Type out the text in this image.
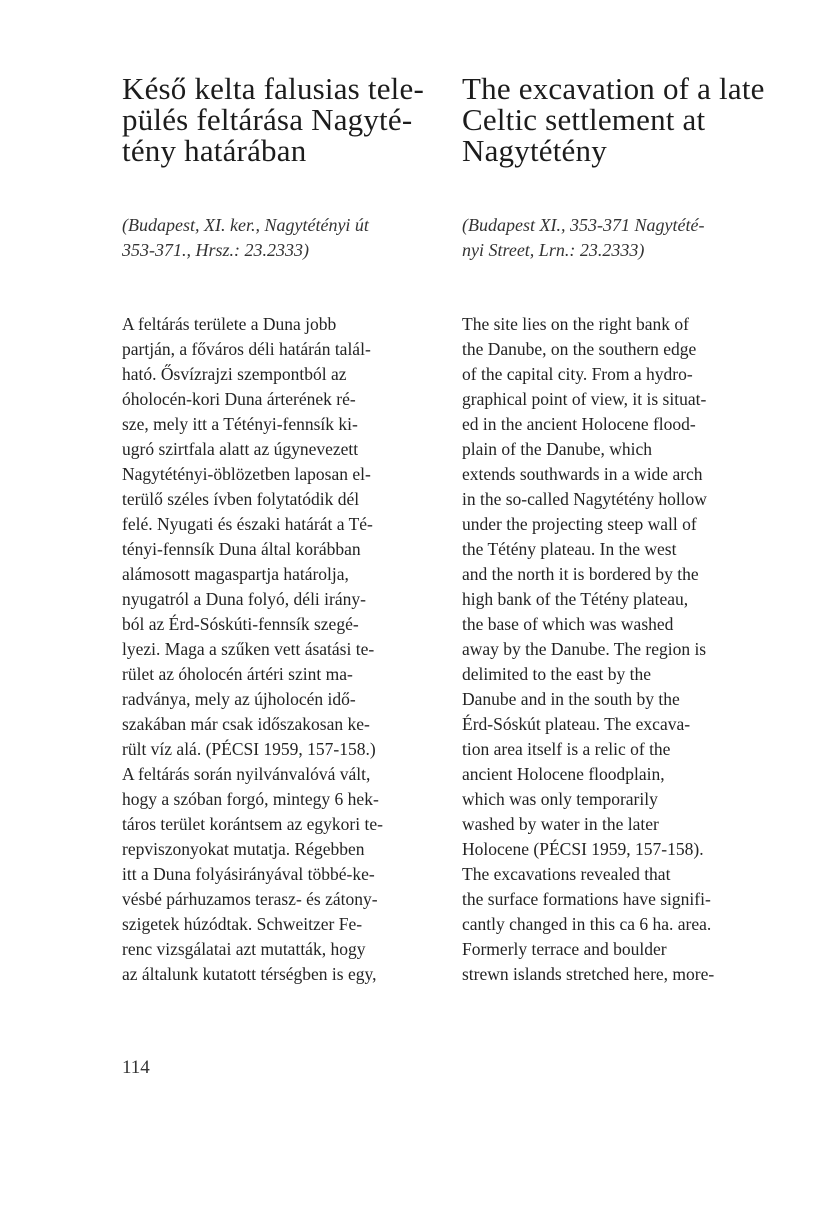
Késő kelta falusias tele-
pülés feltárása Nagyté-
tény határában

(Budapest, XI. ker., Nagytétényi út
353-371., Hrsz.: 23.2333)

A feltárás területe a Duna jobb
partján, a főváros déli határán talál-
ható. Ősvízrajzi szempontból az
óholocén-kori Duna árterének ré-
sze, mely itt a Tétényi-fennsík ki-
ugró szirtfala alatt az úgynevezett
Nagytétényi-öblözetben laposan el-
terülő széles ívben folytatódik dél
felé. Nyugati és északi határát a Té-
tényi-fennsík Duna által korábban
alámosott magaspartja határolja,
nyugatról a Duna folyó, déli irány-
ból az Érd-Sóskúti-fennsík szegé-
lyezi. Maga a szűken vett ásatási te-
rület az óholocén ártéri szint ma-
radványa, mely az újholocén idő-
szakában már csak időszakosan ke-
rült víz alá. (PÉCSI 1959, 157-158.)
A feltárás során nyilvánvalóvá vált,
hogy a szóban forgó, mintegy 6 hek-
táros terület korántsem az egykori te-
repviszonyokat mutatja. Régebben
itt a Duna folyásirányával többé-ke-
vésbé párhuzamos terasz- és zátony-
szigetek húzódtak. Schweitzer Fe-
renc vizsgálatai azt mutatták, hogy
az általunk kutatott térségben is egy,

The excavation of a late
Celtic settlement at
Nagytétény

(Budapest XI., 353-371 Nagytété-
nyi Street, Lrn.: 23.2333)

The site lies on the right bank of
the Danube, on the southern edge
of the capital city. From a hydro-
graphical point of view, it is situat-
ed in the ancient Holocene flood-
plain of the Danube, which
extends southwards in a wide arch
in the so-called Nagytétény hollow
under the projecting steep wall of
the Tétény plateau. In the west
and the north it is bordered by the
high bank of the Tétény plateau,
the base of which was washed
away by the Danube. The region is
delimited to the east by the
Danube and in the south by the
Érd-Sóskút plateau. The excava-
tion area itself is a relic of the
ancient Holocene floodplain,
which was only temporarily
washed by water in the later
Holocene (PÉCSI 1959, 157-158).
The excavations revealed that
the surface formations have signifi-
cantly changed in this ca 6 ha. area.
Formerly terrace and boulder
strewn islands stretched here, more-

114
